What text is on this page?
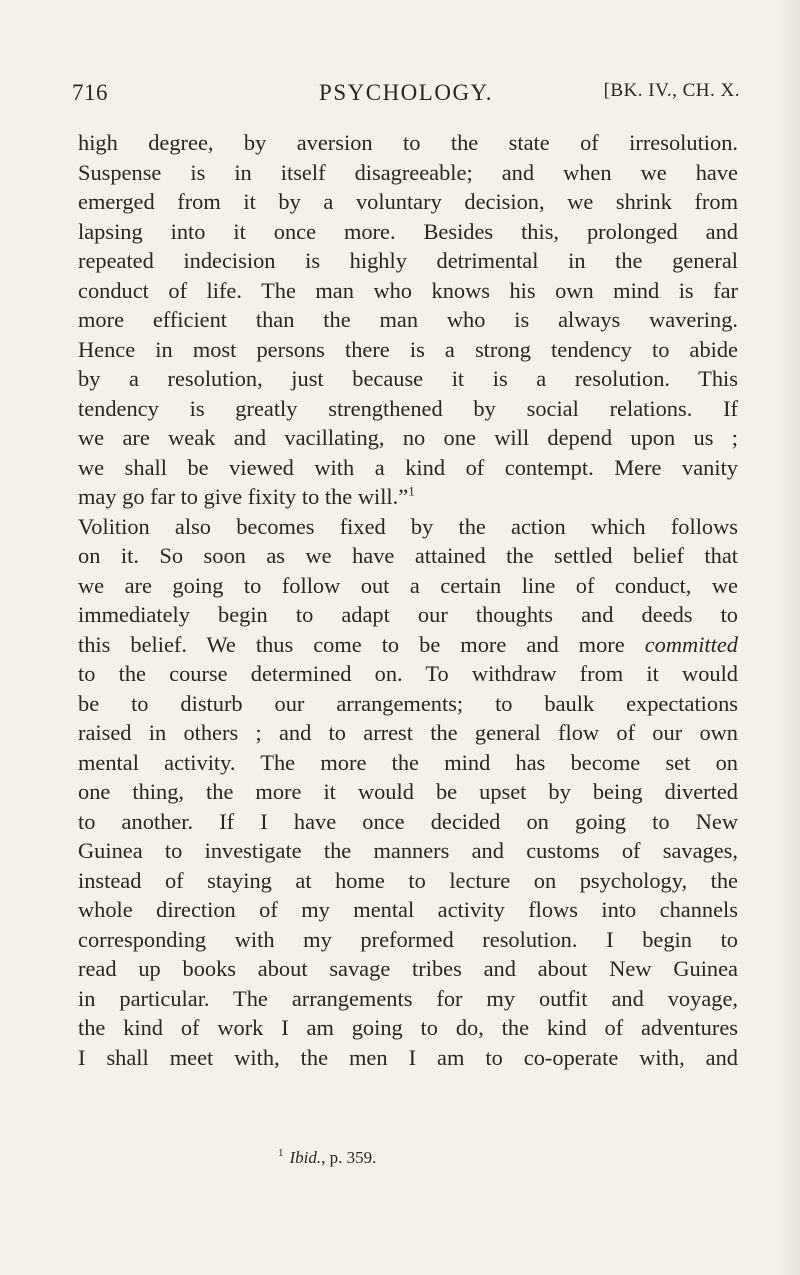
716	PSYCHOLOGY.	[BK. IV., CH. X.
high degree, by aversion to the state of irresolution.
Suspense is in itself disagreeable; and when we have
emerged from it by a voluntary decision, we shrink from
lapsing into it once more. Besides this, prolonged and
repeated indecision is highly detrimental in the general
conduct of life. The man who knows his own mind is far
more efficient than the man who is always wavering.
Hence in most persons there is a strong tendency to abide
by a resolution, just because it is a resolution. This
tendency is greatly strengthened by social relations. If
we are weak and vacillating, no one will depend upon us ;
we shall be viewed with a kind of contempt. Mere vanity
may go far to give fixity to the will.”$^1$
Volition also becomes fixed by the action which follows
on it. So soon as we have attained the settled belief that
we are going to follow out a certain line of conduct, we
immediately begin to adapt our thoughts and deeds to
this belief. We thus come to be more and more committed
to the course determined on. To withdraw from it would
be to disturb our arrangements; to baulk expectations
raised in others ; and to arrest the general flow of our own
mental activity. The more the mind has become set on
one thing, the more it would be upset by being diverted
to another. If I have once decided on going to New
Guinea to investigate the manners and customs of savages,
instead of staying at home to lecture on psychology, the
whole direction of my mental activity flows into channels
corresponding with my preformed resolution. I begin to
read up books about savage tribes and about New Guinea
in particular. The arrangements for my outfit and voyage,
the kind of work I am going to do, the kind of adventures
I shall meet with, the men I am to co-operate with, and
$^1$ Ibid., p. 359.
